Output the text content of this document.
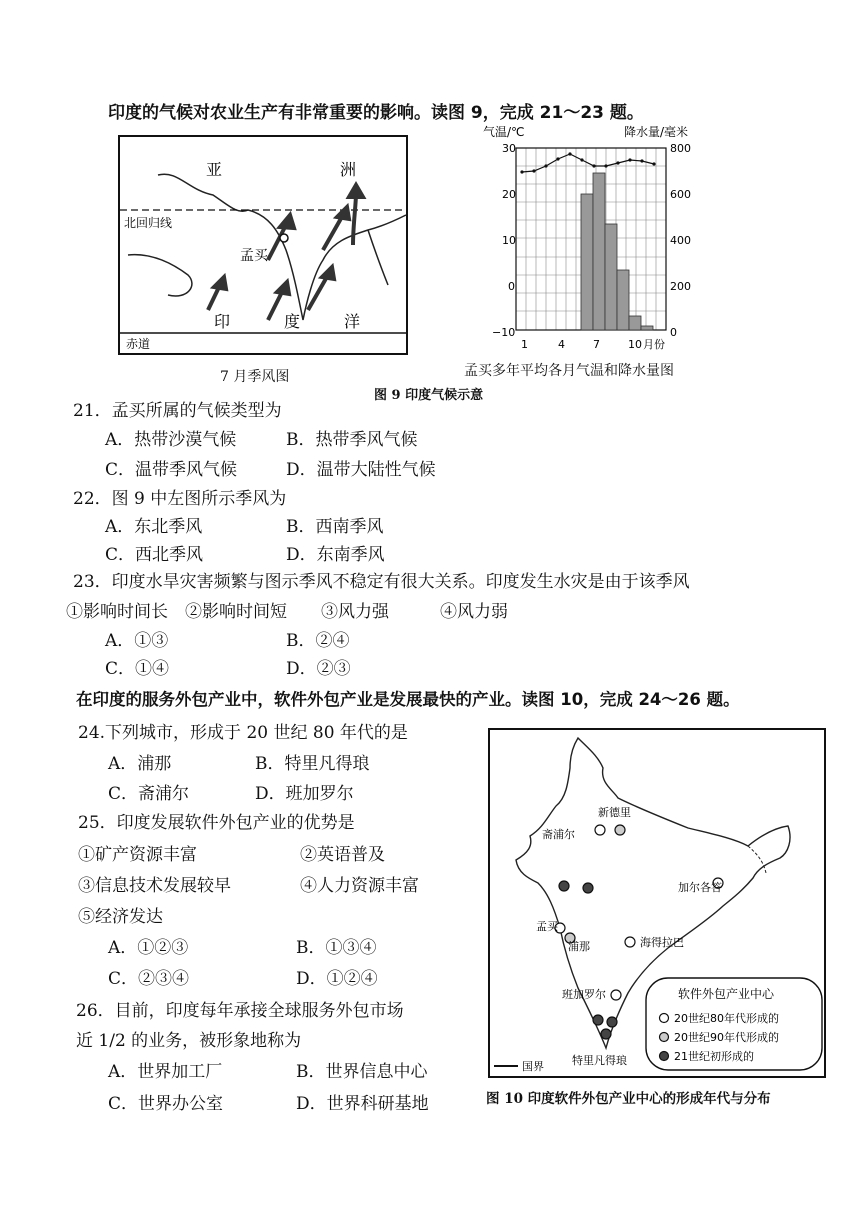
印度的气候对农业生产有非常重要的影响。读图 9，完成 21～23 题。
亚	洲
北回归线
孟买
印	度	洋
赤道
7 月季风图
气温/℃	降水量/毫米
30
20
10
0
−10
800
600
400
200
0
1	4	7	10 月份
孟买多年平均各月气温和降水量图
图 9 印度气候示意
21．孟买所属的气候类型为
A．热带沙漠气候	B．热带季风气候
C．温带季风气候	D．温带大陆性气候
22．图 9 中左图所示季风为
A．东北季风	B．西南季风
C．西北季风	D．东南季风
23．印度水旱灾害频繁与图示季风不稳定有很大关系。印度发生水灾是由于该季风
①影响时间长　②影响时间短　　③风力强　　　④风力弱
A．①③	B．②④
C．①④	D．②③
在印度的服务外包产业中，软件外包产业是发展最快的产业。读图 10，完成 24～26 题。
24.下列城市，形成于 20 世纪 80 年代的是
A．浦那	B．特里凡得琅
C．斋浦尔	D．班加罗尔
25．印度发展软件外包产业的优势是
①矿产资源丰富	②英语普及
③信息技术发展较早	④人力资源丰富
⑤经济发达
A．①②③	B．①③④
C．②③④	D．①②④
26．目前，印度每年承接全球服务外包市场
近 1/2 的业务，被形象地称为
A．世界加工厂	B．世界信息中心
C．世界办公室	D．世界科研基地
国界
新德里
斋浦尔
加尔各答
孟买
浦那	海得拉巴
班加罗尔
特里凡得琅
软件外包产业中心
20世纪80年代形成的
20世纪90年代形成的
21世纪初形成的
图 10 印度软件外包产业中心的形成年代与分布
